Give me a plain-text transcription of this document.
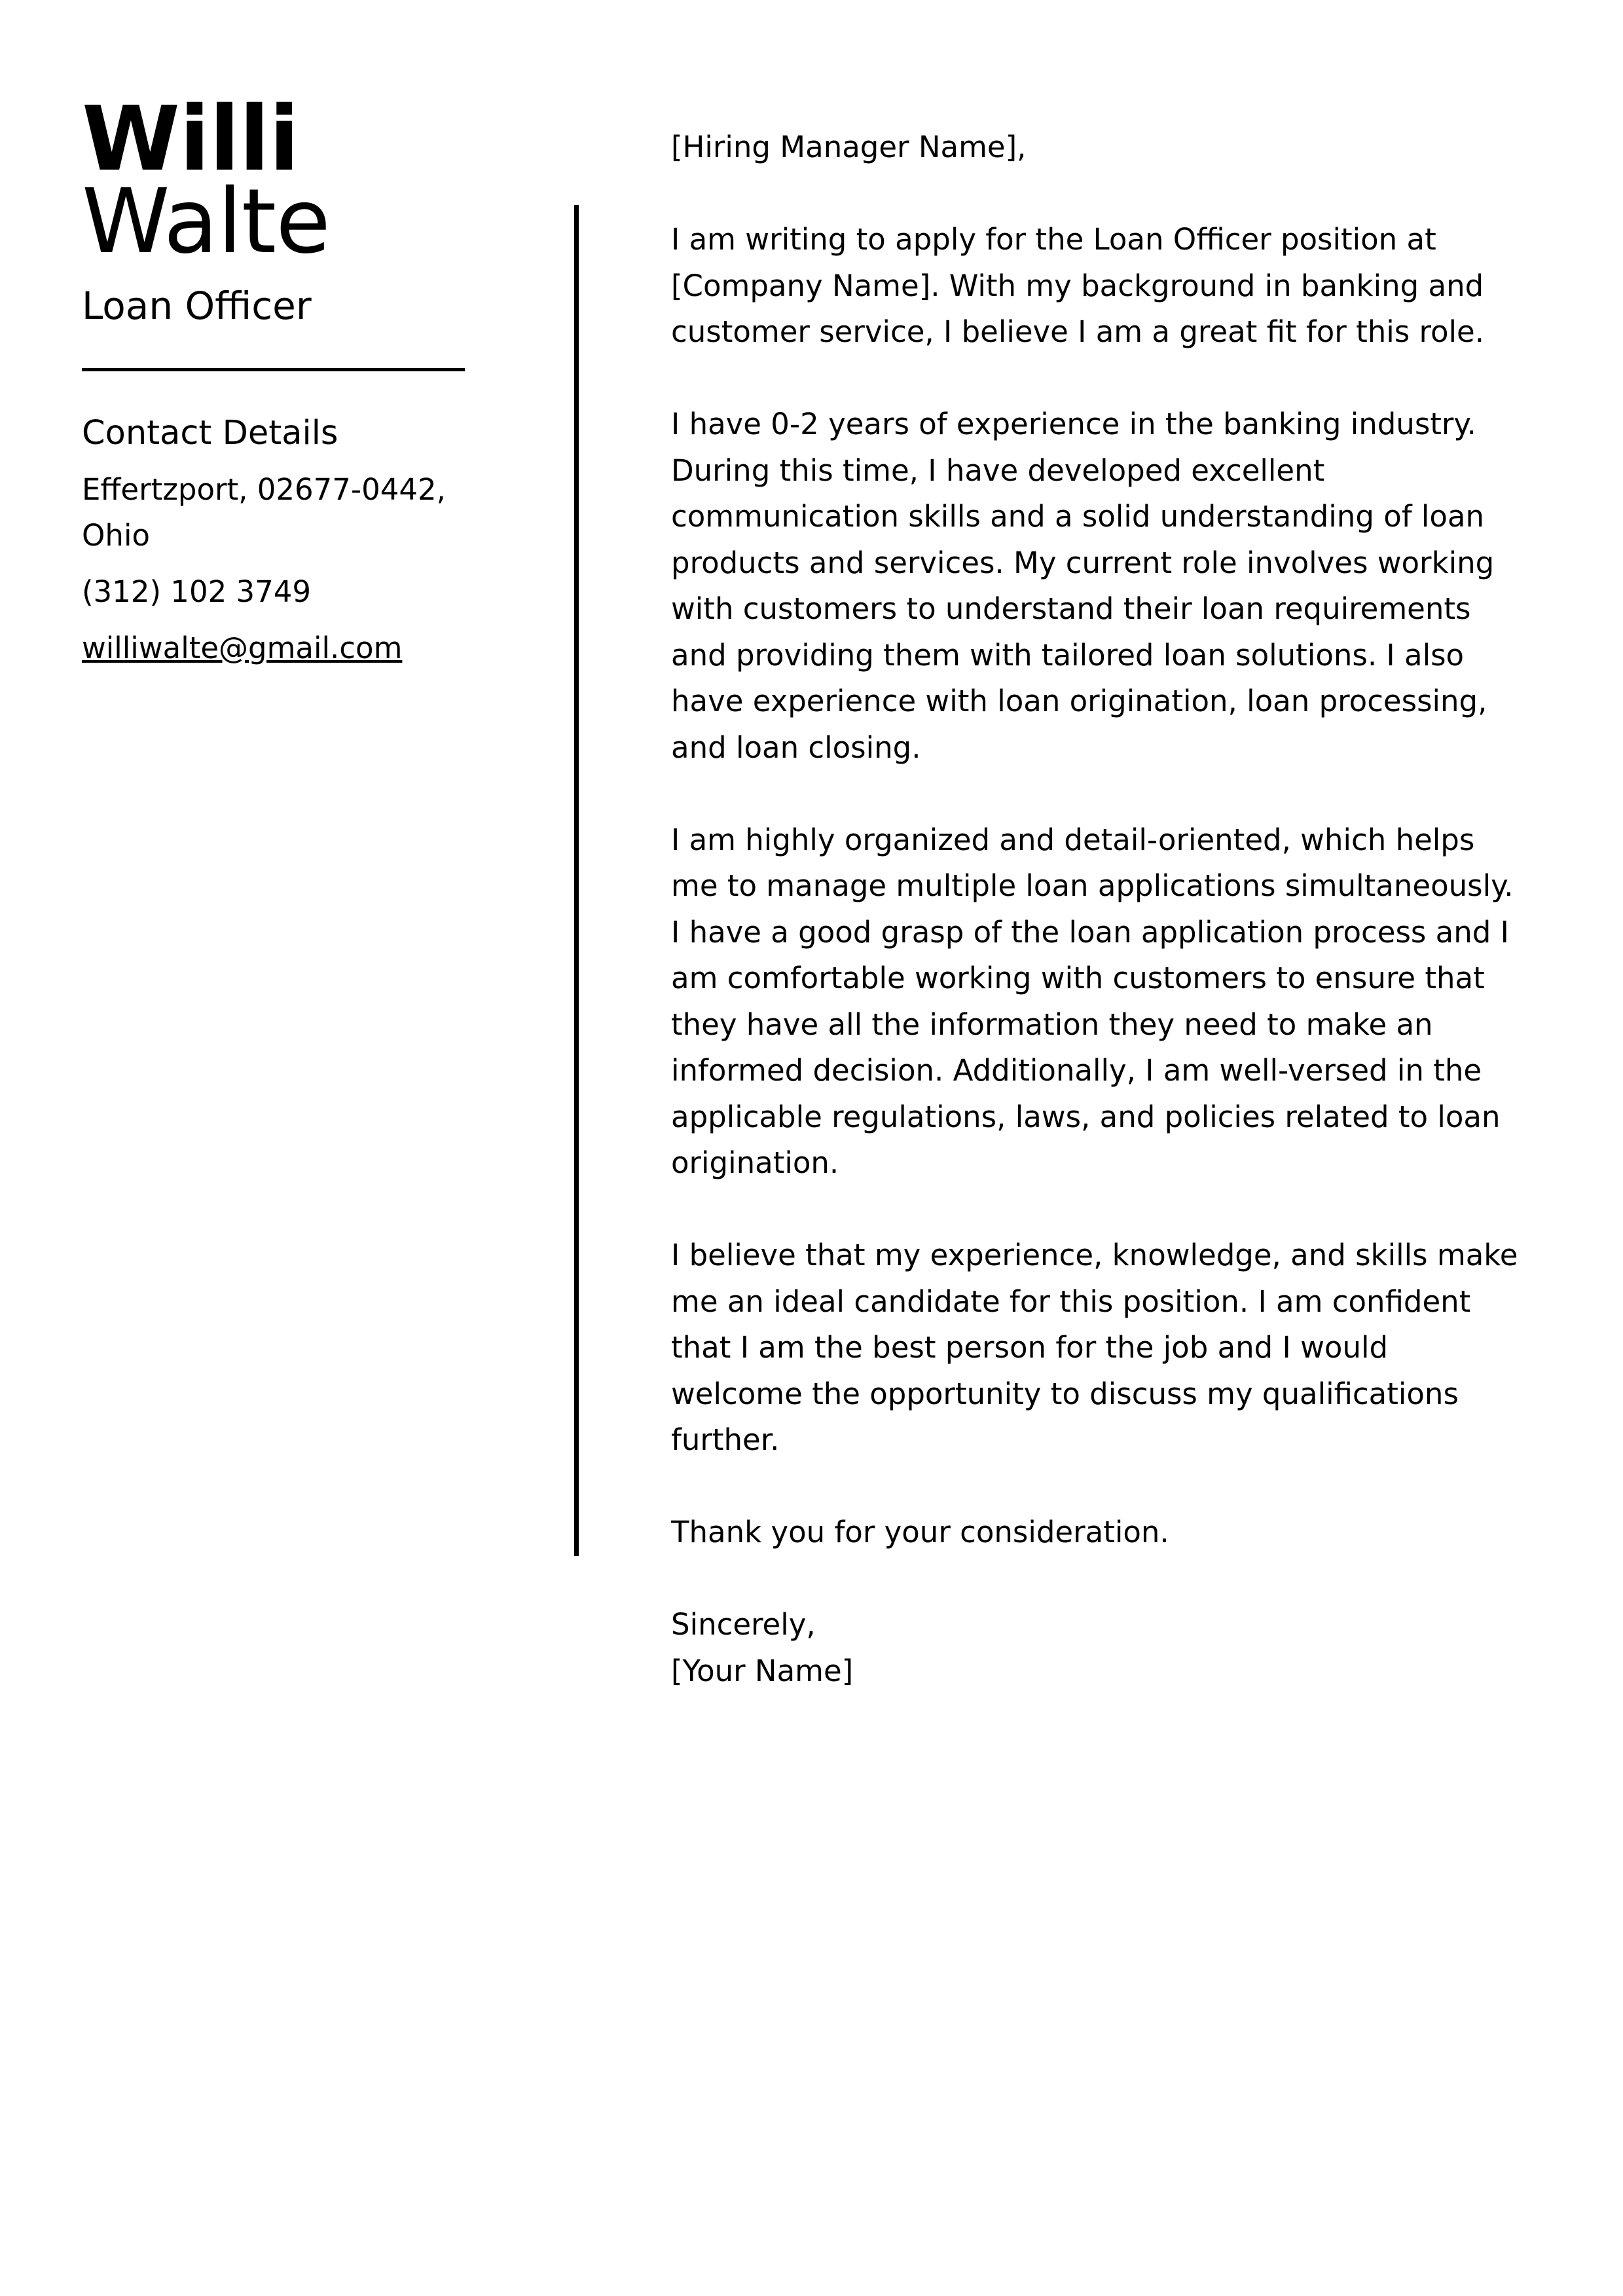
Willi
Walte
Loan Officer
Contact Details
Effertzport, 02677-0442, Ohio
(312) 102 3749
williwalte@gmail.com

[Hiring Manager Name],

I am writing to apply for the Loan Officer position at [Company Name]. With my background in banking and customer service, I believe I am a great fit for this role.

I have 0-2 years of experience in the banking industry. During this time, I have developed excellent communication skills and a solid understanding of loan products and services. My current role involves working with customers to understand their loan requirements and providing them with tailored loan solutions. I also have experience with loan origination, loan processing, and loan closing.

I am highly organized and detail-oriented, which helps me to manage multiple loan applications simultaneously. I have a good grasp of the loan application process and I am comfortable working with customers to ensure that they have all the information they need to make an informed decision. Additionally, I am well-versed in the applicable regulations, laws, and policies related to loan origination.

I believe that my experience, knowledge, and skills make me an ideal candidate for this position. I am confident that I am the best person for the job and I would welcome the opportunity to discuss my qualifications further.

Thank you for your consideration.

Sincerely,

[Your Name]
